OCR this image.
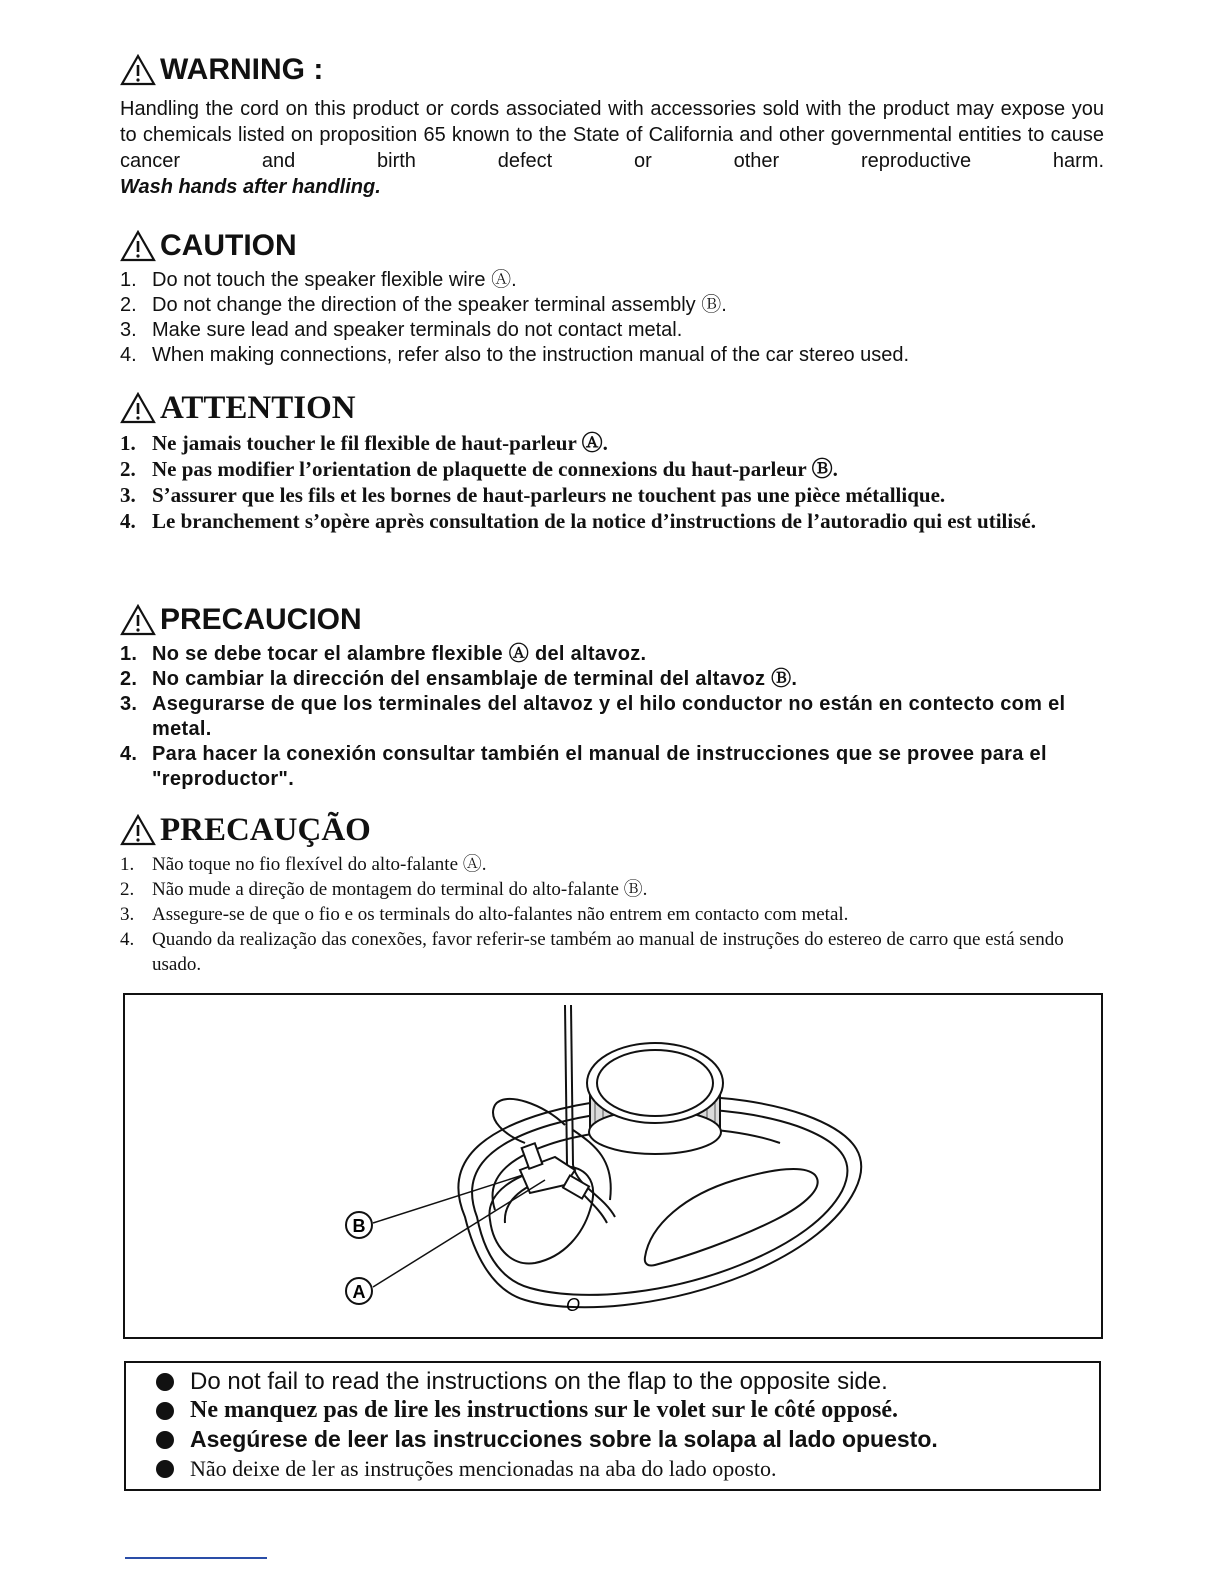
WARNING :
Handling the cord on this product or cords associated with accessories sold with the product may expose you to chemicals listed on proposition 65 known to the State of California and other governmental entities to cause cancer and birth defect or other reproductive harm.
Wash hands after handling.
CAUTION
1. Do not touch the speaker flexible wire Ⓐ.
2. Do not change the direction of the speaker terminal assembly Ⓑ.
3. Make sure lead and speaker terminals do not contact metal.
4. When making connections, refer also to the instruction manual of the car stereo used.
ATTENTION
1. Ne jamais toucher le fil flexible de haut-parleur Ⓐ.
2. Ne pas modifier l’orientation de plaquette de connexions du haut-parleur Ⓑ.
3. S’assurer que les fils et les bornes de haut-parleurs ne touchent pas une pièce métallique.
4. Le branchement s’opère après consultation de la notice d’instructions de l’autoradio qui est utilisé.
PRECAUCION
1. No se debe tocar el alambre flexible Ⓐ del altavoz.
2. No cambiar la dirección del ensamblaje de terminal del altavoz Ⓑ.
3. Asegurarse de que los terminales del altavoz y el hilo conductor no están en contecto com el metal.
4. Para hacer la conexión consultar también el manual de instrucciones que se provee para el "reproductor".
PRECAUÇÃO
1. Não toque no fio flexível do alto-falante Ⓐ.
2. Não mude a direção de montagem do terminal do alto-falante Ⓑ.
3. Assegure-se de que o fio e os terminals do alto-falantes não entrem em contacto com metal.
4. Quando da realização das conexões, favor referir-se também ao manual de instruções do estereo de carro que está sendo usado.
B
A
O
Do not fail to read the instructions on the flap to the opposite side.
Ne manquez pas de lire les instructions sur le volet sur le côté opposé.
Asegúrese de leer las instrucciones sobre la solapa al lado opuesto.
Não deixe de ler as instruções mencionadas na aba do lado oposto.
